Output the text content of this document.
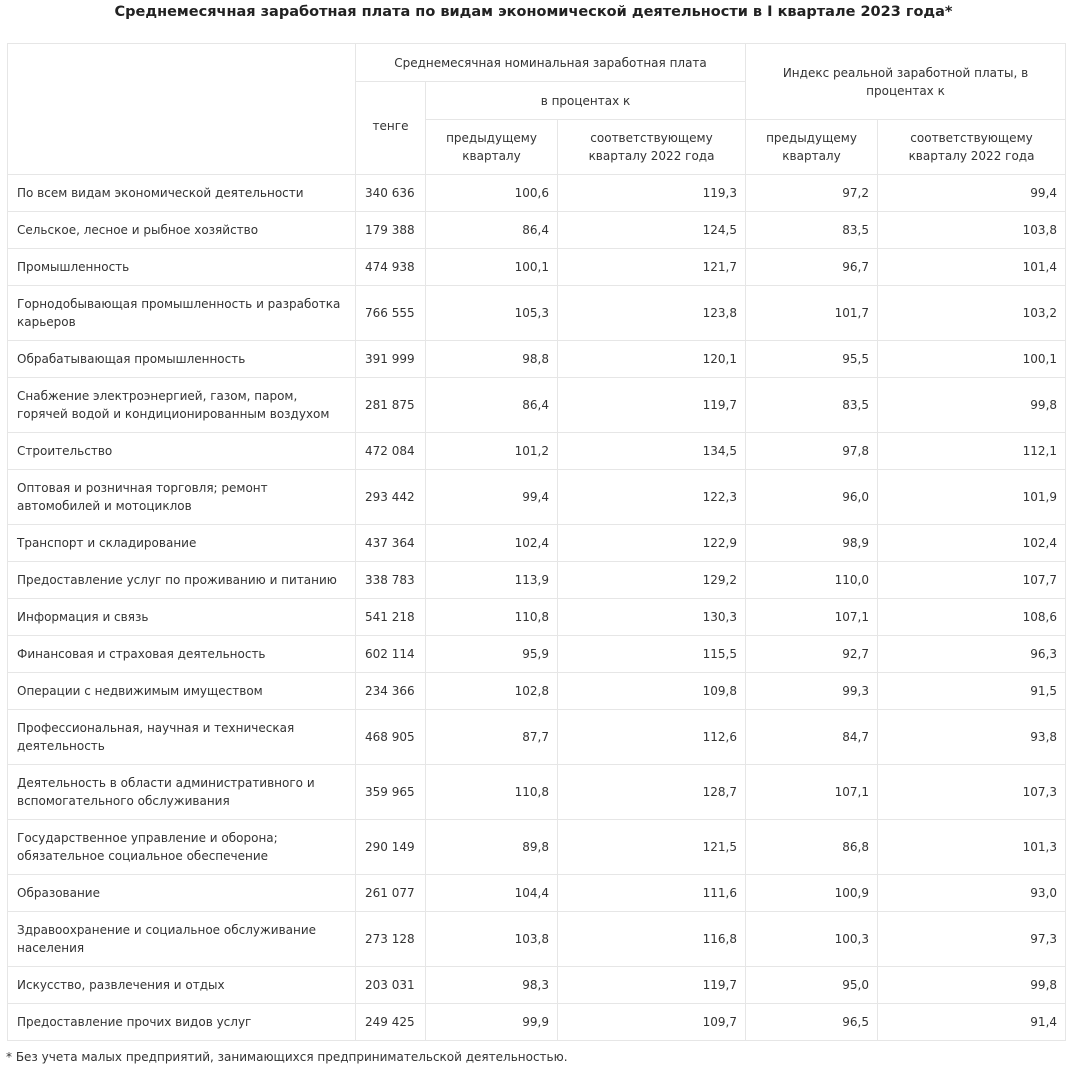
Среднемесячная заработная плата по видам экономической деятельности в I квартале 2023 года*
	Среднемесячная номинальная заработная плата			Индекс реальной заработной платы, в процентах к	
	тенге	в процентах к			
		предыдущему кварталу	соответствующему кварталу 2022 года	предыдущему кварталу	соответствующему кварталу 2022 года
По всем видам экономической деятельности	340 636	100,6	119,3	97,2	99,4
Сельское, лесное и рыбное хозяйство	179 388	86,4	124,5	83,5	103,8
Промышленность	474 938	100,1	121,7	96,7	101,4
Горнодобывающая промышленность и разработка карьеров	766 555	105,3	123,8	101,7	103,2
Обрабатывающая промышленность	391 999	98,8	120,1	95,5	100,1
Снабжение электроэнергией, газом, паром, горячей водой и кондиционированным воздухом	281 875	86,4	119,7	83,5	99,8
Строительство	472 084	101,2	134,5	97,8	112,1
Оптовая и розничная торговля; ремонт автомобилей и мотоциклов	293 442	99,4	122,3	96,0	101,9
Транспорт и складирование	437 364	102,4	122,9	98,9	102,4
Предоставление услуг по проживанию и питанию	338 783	113,9	129,2	110,0	107,7
Информация и связь	541 218	110,8	130,3	107,1	108,6
Финансовая и страховая деятельность	602 114	95,9	115,5	92,7	96,3
Операции с недвижимым имуществом	234 366	102,8	109,8	99,3	91,5
Профессиональная, научная и техническая деятельность	468 905	87,7	112,6	84,7	93,8
Деятельность в области административного и вспомогательного обслуживания	359 965	110,8	128,7	107,1	107,3
Государственное управление и оборона; обязательное социальное обеспечение	290 149	89,8	121,5	86,8	101,3
Образование	261 077	104,4	111,6	100,9	93,0
Здравоохранение и социальное обслуживание населения	273 128	103,8	116,8	100,3	97,3
Искусство, развлечения и отдых	203 031	98,3	119,7	95,0	99,8
Предоставление прочих видов услуг	249 425	99,9	109,7	96,5	91,4
* Без учета малых предприятий, занимающихся предпринимательской деятельностью.
